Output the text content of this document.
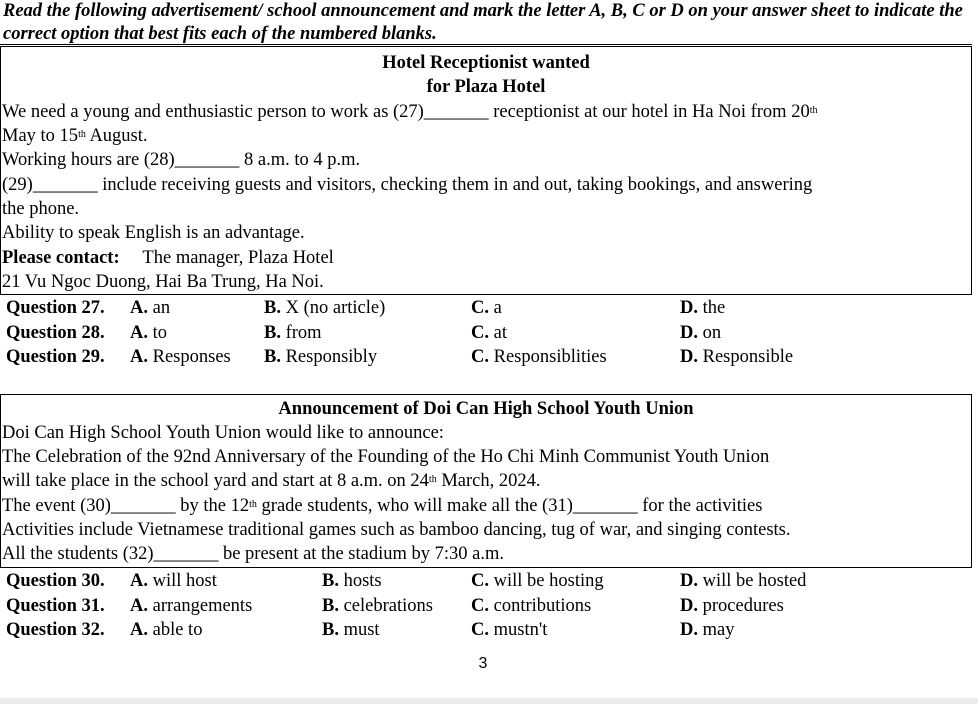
Read the following advertisement/ school announcement and mark the letter A, B, C or D on your answer sheet to indicate the correct option that best fits each of the numbered blanks.
Hotel Receptionist wanted
for Plaza Hotel
We need a young and enthusiastic person to work as (27)_______ receptionist at our hotel in Ha Noi from 20th
May to 15th August.
Working hours are (28)_______ 8 a.m. to 4 p.m.
(29)_______ include receiving guests and visitors, checking them in and out, taking bookings, and answering
the phone.
Ability to speak English is an advantage.
Please contact:     The manager, Plaza Hotel
21 Vu Ngoc Duong, Hai Ba Trung, Ha Noi.
Question 27. A. an	B. X (no article)	C. a	D. the
Question 28. A. to	B. from	C. at	D. on
Question 29. A. Responses B. Responsibly	C. Responsiblities	D. Responsible
Announcement of Doi Can High School Youth Union
Doi Can High School Youth Union would like to announce:
The Celebration of the 92nd Anniversary of the Founding of the Ho Chi Minh Communist Youth Union
will take place in the school yard and start at 8 a.m. on 24th March, 2024.
The event (30)_______ by the 12th grade students, who will make all the (31)_______ for the activities
Activities include Vietnamese traditional games such as bamboo dancing, tug of war, and singing contests.
All the students (32)_______ be present at the stadium by 7:30 a.m.
Question 30. A. will host	B. hosts	C. will be hosting	D. will be hosted
Question 31. A. arrangements	B. celebrations C. contributions	D. procedures
Question 32. A. able to	B. must	C. mustn't	D. may
3
